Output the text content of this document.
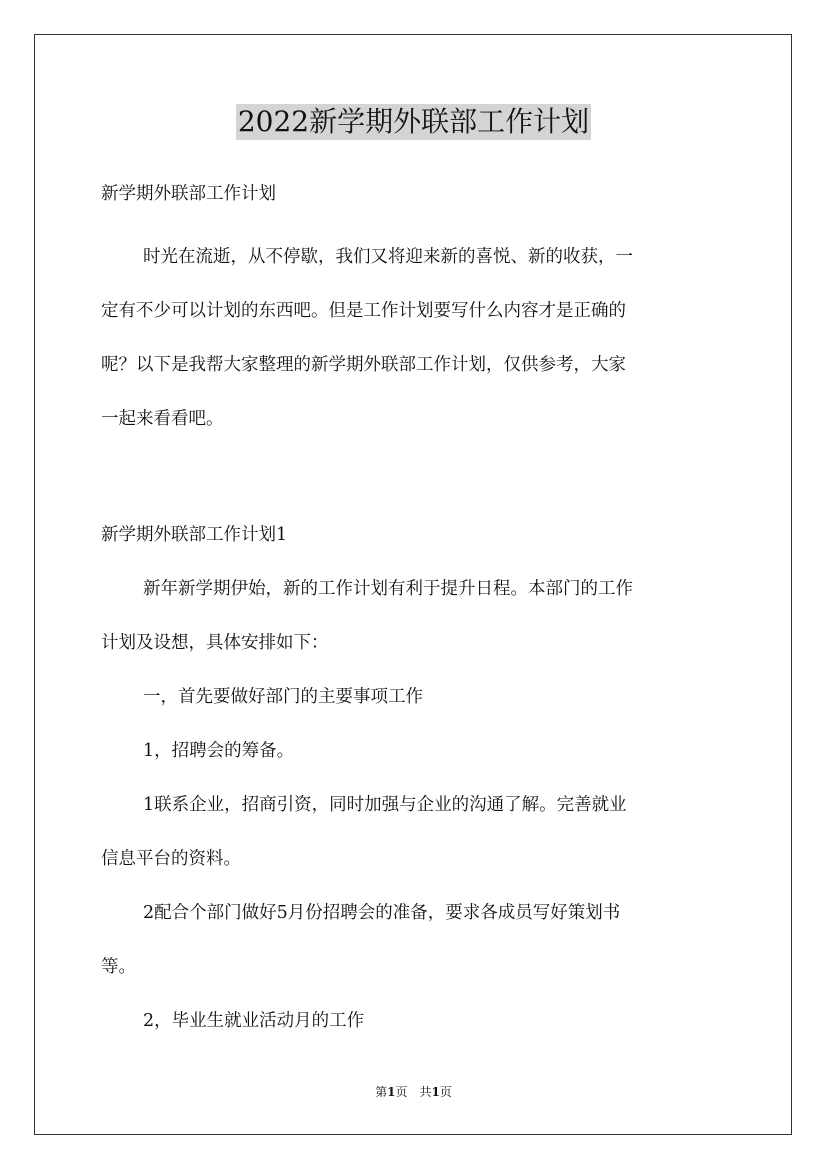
2022新学期外联部工作计划
新学期外联部工作计划
时光在流逝，从不停歇，我们又将迎来新的喜悦、新的收获，一
定有不少可以计划的东西吧。但是工作计划要写什么内容才是正确的
呢？以下是我帮大家整理的新学期外联部工作计划，仅供参考，大家
一起来看看吧。
新学期外联部工作计划1
新年新学期伊始，新的工作计划有利于提升日程。本部门的工作
计划及设想，具体安排如下：
一，首先要做好部门的主要事项工作
1，招聘会的筹备。
1联系企业，招商引资，同时加强与企业的沟通了解。完善就业
信息平台的资料。
2配合个部门做好5月份招聘会的准备，要求各成员写好策划书
等。
2，毕业生就业活动月的工作
第1页　共1页
